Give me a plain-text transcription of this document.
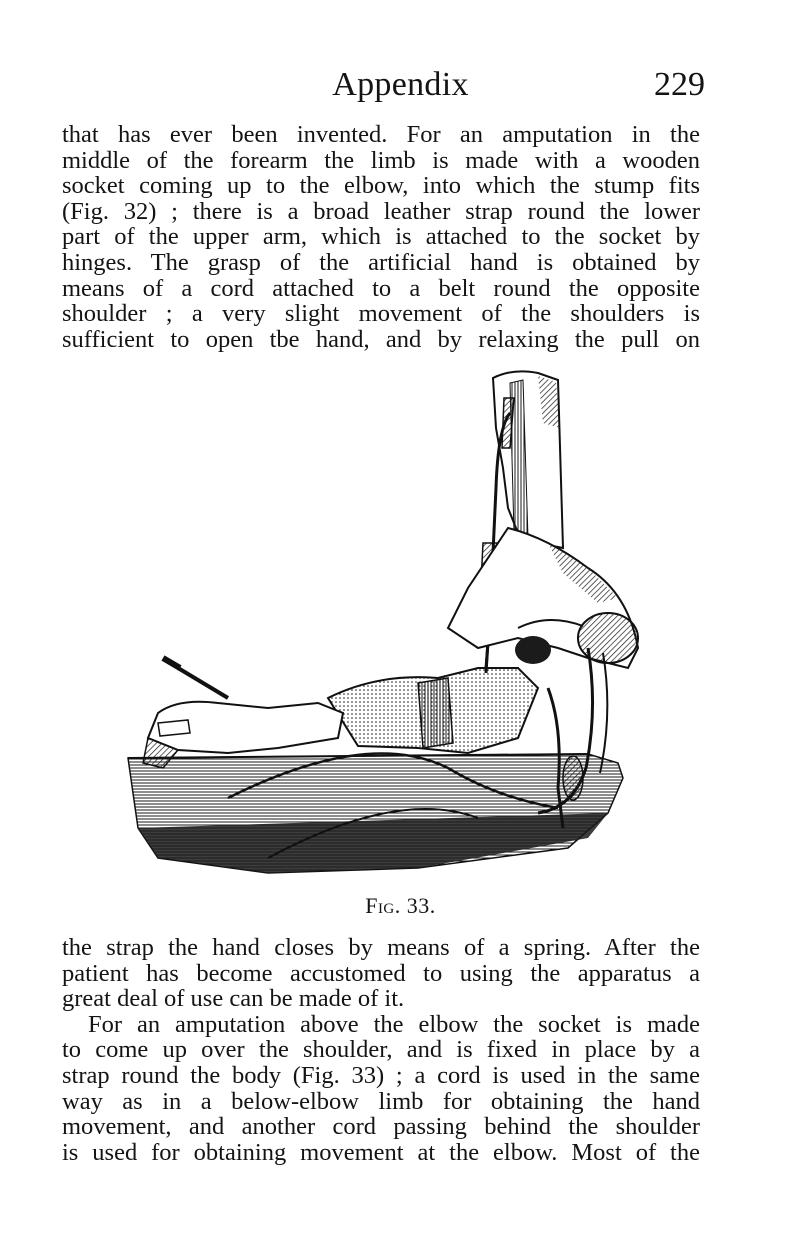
Appendix	229
that has ever been invented. For an amputation in the
middle of the forearm the limb is made with a wooden
socket coming up to the elbow, into which the stump fits
(Fig. 32) ; there is a broad leather strap round the lower
part of the upper arm, which is attached to the socket by
hinges. The grasp of the artificial hand is obtained by
means of a cord attached to a belt round the opposite
shoulder ; a very slight movement of the shoulders is
sufficient to open tbe hand, and by relaxing the pull on
Fig. 33.
the strap the hand closes by means of a spring. After the
patient has become accustomed to using the apparatus a
great deal of use can be made of it.
For an amputation above the elbow the socket is made
to come up over the shoulder, and is fixed in place by a
strap round the body (Fig. 33) ; a cord is used in the same
way as in a below-elbow limb for obtaining the hand
movement, and another cord passing behind the shoulder
is used for obtaining movement at the elbow. Most of the
